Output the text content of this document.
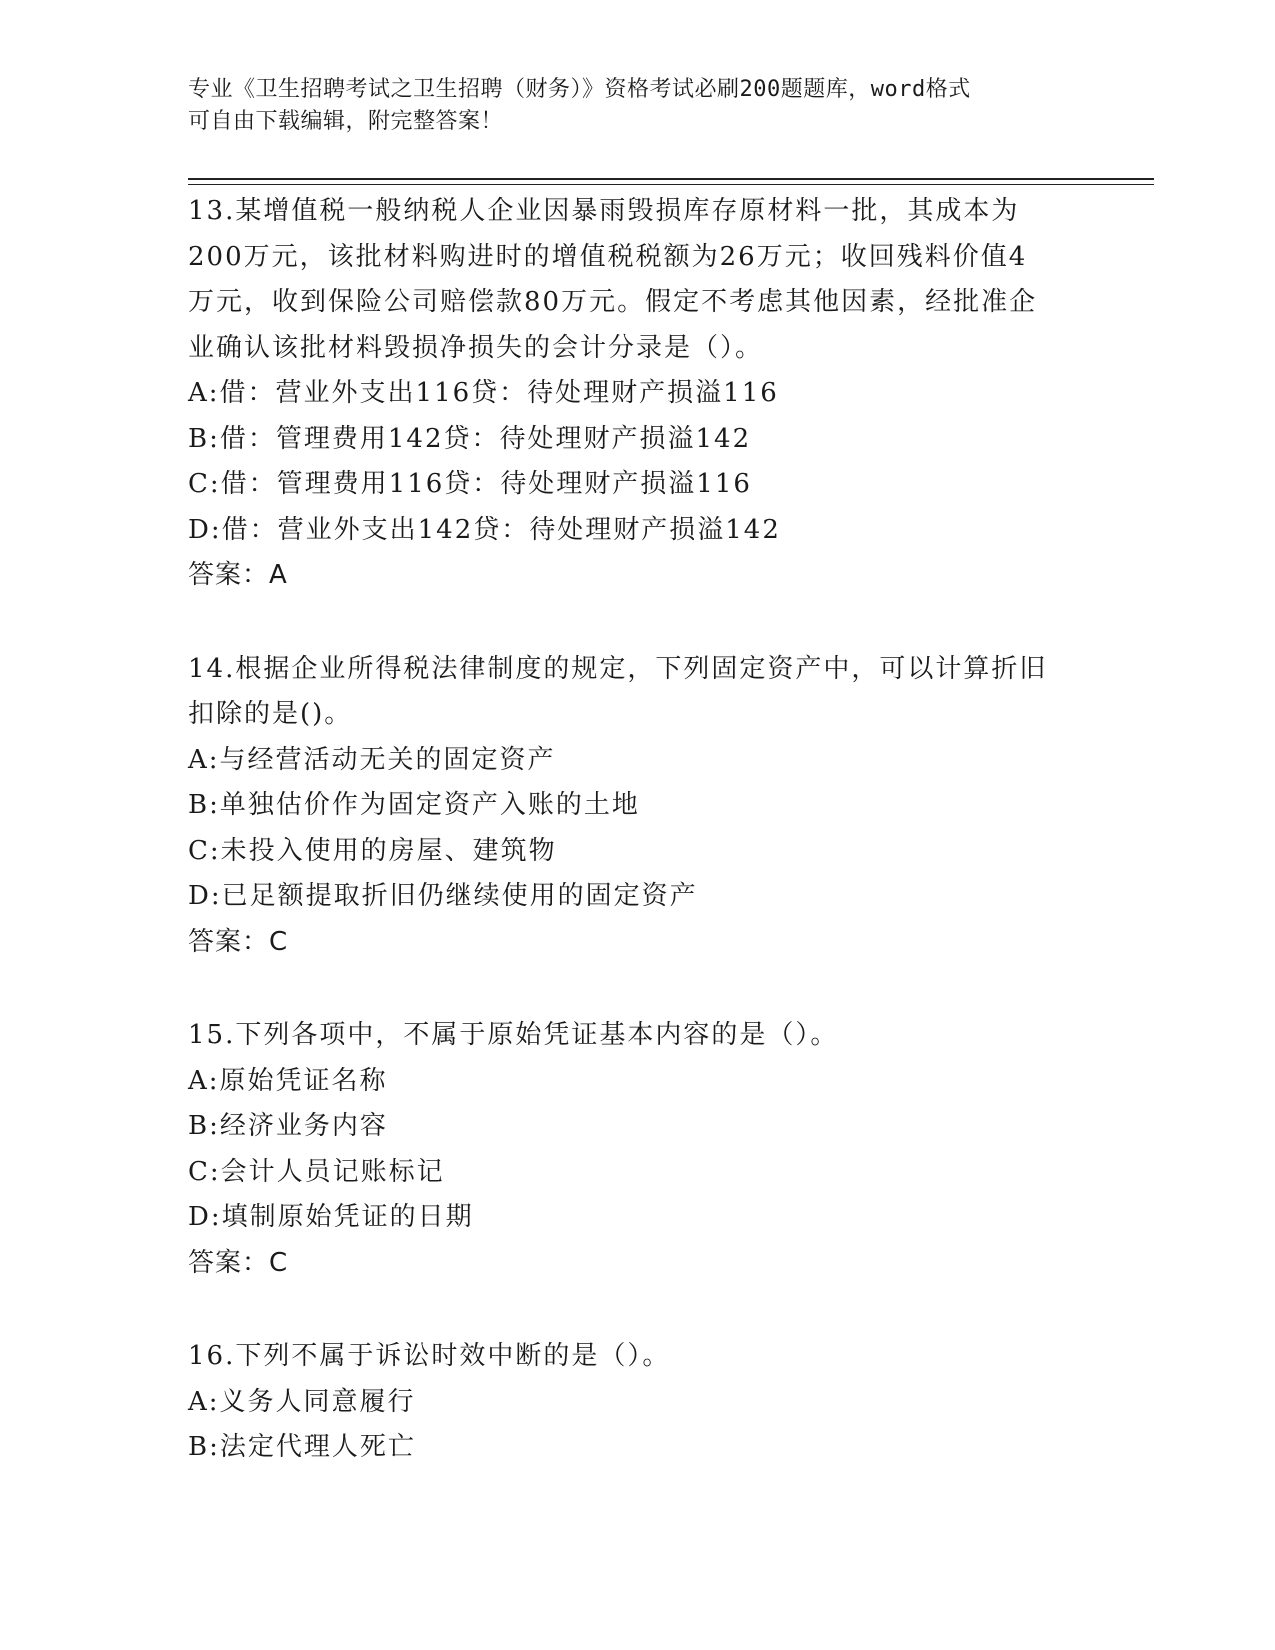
专业《卫生招聘考试之卫生招聘（财务）》资格考试必刷200题题库，word格式
可自由下载编辑，附完整答案！
13.某增值税一般纳税人企业因暴雨毁损库存原材料一批，其成本为
200万元，该批材料购进时的增值税税额为26万元；收回残料价值4
万元，收到保险公司赔偿款80万元。假定不考虑其他因素，经批准企
业确认该批材料毁损净损失的会计分录是（）。
A:借：营业外支出116贷：待处理财产损溢116
B:借：管理费用142贷：待处理财产损溢142
C:借：管理费用116贷：待处理财产损溢116
D:借：营业外支出142贷：待处理财产损溢142
答案：A
14.根据企业所得税法律制度的规定，下列固定资产中，可以计算折旧
扣除的是()。
A:与经营活动无关的固定资产
B:单独估价作为固定资产入账的土地
C:未投入使用的房屋、建筑物
D:已足额提取折旧仍继续使用的固定资产
答案：C
15.下列各项中，不属于原始凭证基本内容的是（）。
A:原始凭证名称
B:经济业务内容
C:会计人员记账标记
D:填制原始凭证的日期
答案：C
16.下列不属于诉讼时效中断的是（）。
A:义务人同意履行
B:法定代理人死亡
